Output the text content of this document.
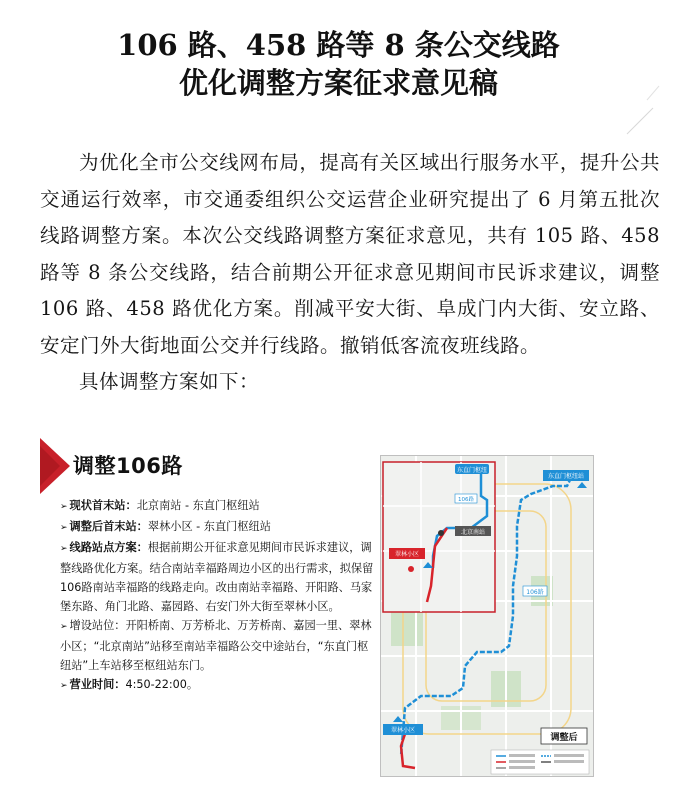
106 路、458 路等 8 条公交线路
优化调整方案征求意见稿

为优化全市公交线网布局，提高有关区域出行服务水平，提升公共交通运行效率，市交通委组织公交运营企业研究提出了 6 月第五批次线路调整方案。本次公交线路调整方案征求意见，共有 105 路、458 路等 8 条公交线路，结合前期公开征求意见期间市民诉求建议，调整 106 路、458 路优化方案。削减平安大街、阜成门内大街、安立路、安定门外大街地面公交并行线路。撤销低客流夜班线路。

具体调整方案如下：

调整106路

➢ 现状首末站：北京南站 - 东直门枢纽站

➢ 调整后首末站：翠林小区 - 东直门枢纽站

➢ 线路站点方案：根据前期公开征求意见期间市民诉求建议，调整线路优化方案。结合南站幸福路周边小区的出行需求，拟保留106路南站幸福路的线路走向。改由南站幸福路、开阳路、马家堡东路、角门北路、嘉园路、右安门外大街至翠林小区。

➢ 增设站位：开阳桥南、万芳桥北、万芳桥南、嘉园一里、翠林小区；“北京南站”站移至南站幸福路公交中途站台，“东直门枢纽站”上车站移至枢纽站东门。

➢ 营业时间：4:50-22:00。

东直门枢纽
106路
北京南站
翠林小区
东直门枢纽站
106路
翠林小区
调整后
